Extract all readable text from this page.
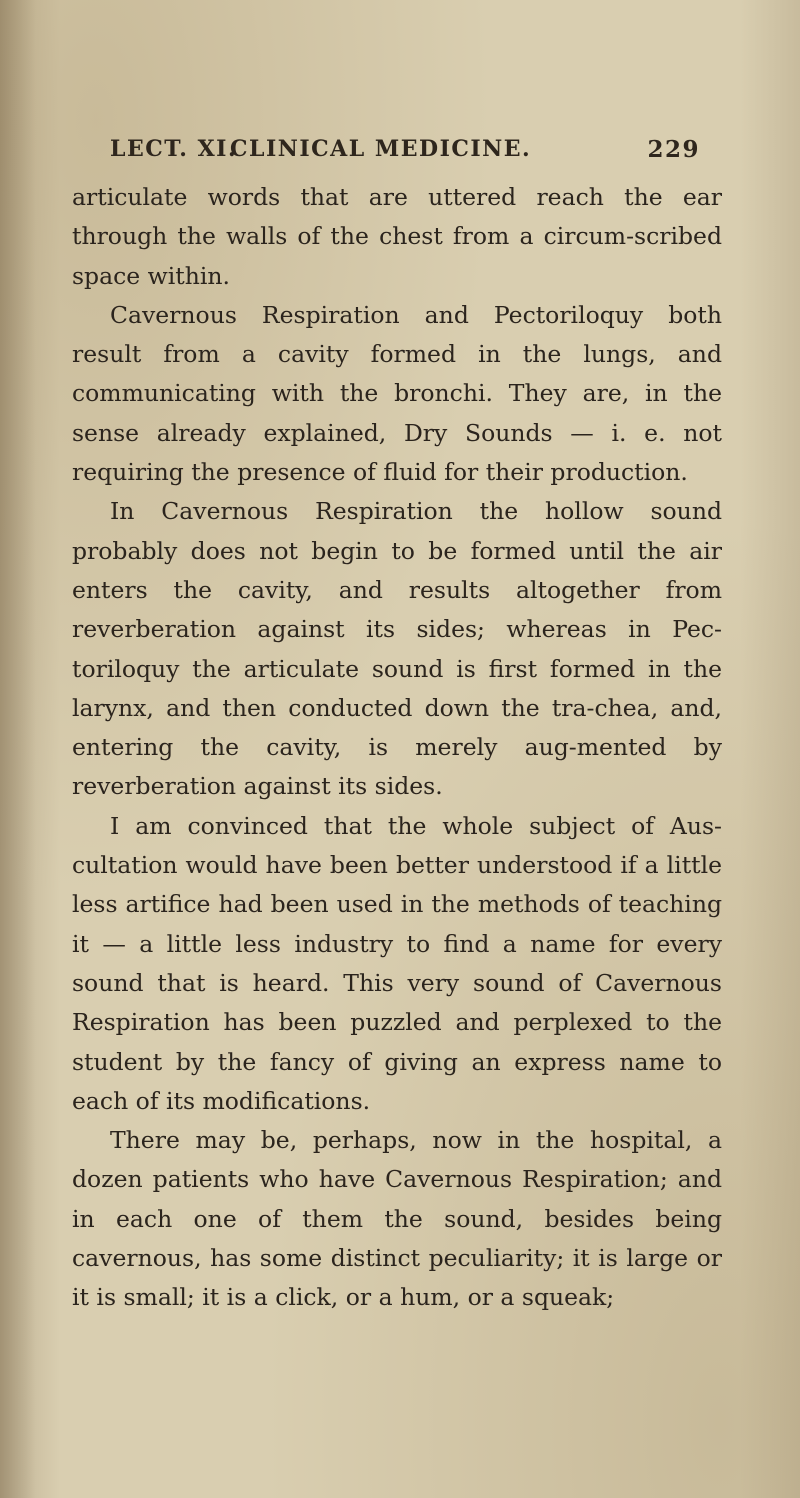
LECT. XI.
CLINICAL MEDICINE.	229

articulate words that are uttered reach the ear through the walls of the chest from a circum-scribed space within.

Cavernous Respiration and Pectoriloquy both result from a cavity formed in the lungs, and communicating with the bronchi. They are, in the sense already explained, Dry Sounds — i. e. not requiring the presence of fluid for their production.

In Cavernous Respiration the hollow sound probably does not begin to be formed until the air enters the cavity, and results altogether from reverberation against its sides; whereas in Pec-toriloquy the articulate sound is first formed in the larynx, and then conducted down the tra-chea, and, entering the cavity, is merely aug-mented by reverberation against its sides.

I am convinced that the whole subject of Aus-cultation would have been better understood if a little less artifice had been used in the methods of teaching it — a little less industry to find a name for every sound that is heard. This very sound of Cavernous Respiration has been puzzled and perplexed to the student by the fancy of giving an express name to each of its modifications.

There may be, perhaps, now in the hospital, a dozen patients who have Cavernous Respiration; and in each one of them the sound, besides being cavernous, has some distinct peculiarity; it is large or it is small; it is a click, or a hum, or a squeak;
